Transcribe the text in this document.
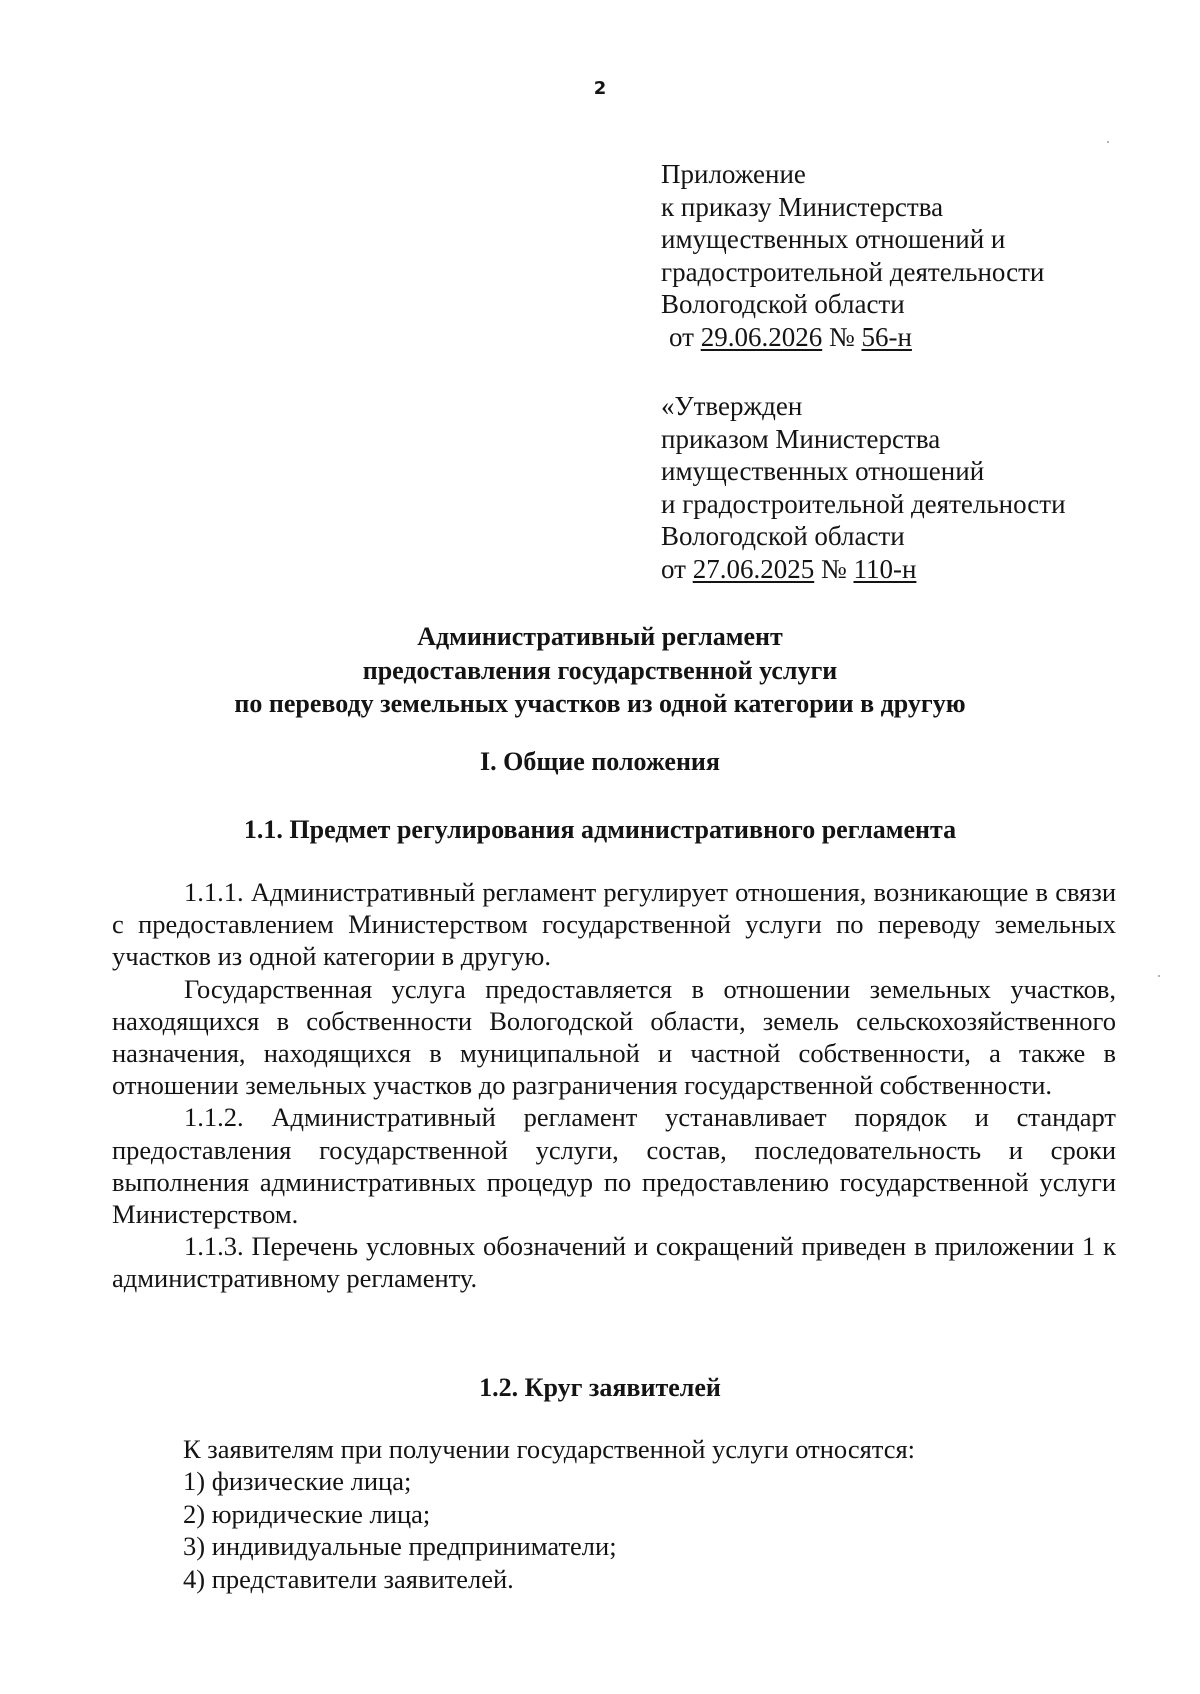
2
Приложение
к приказу Министерства
имущественных отношений и
градостроительной деятельности
Вологодской области
от 29.06.2026 № 56-н
«Утвержден
приказом Министерства
имущественных отношений
и градостроительной деятельности
Вологодской области
от 27.06.2025 № 110-н
Административный регламент
предоставления государственной услуги
по переводу земельных участков из одной категории в другую
I. Общие положения
1.1. Предмет регулирования административного регламента

1.1.1. Административный регламент регулирует отношения, возникающие в связи с предоставлением Министерством государственной услуги по переводу земельных участков из одной категории в другую.

Государственная услуга предоставляется в отношении земельных участков, находящихся в собственности Вологодской области, земель сельскохозяйственного назначения, находящихся в муниципальной и частной собственности, а также в отношении земельных участков до разграничения государственной собственности.

1.1.2. Административный регламент устанавливает порядок и стандарт предоставления государственной услуги, состав, последовательность и сроки выполнения административных процедур по предоставлению государственной услуги Министерством.

1.1.3. Перечень условных обозначений и сокращений приведен в приложении 1 к административному регламенту.

1.2. Круг заявителей
К заявителям при получении государственной услуги относятся:
1) физические лица;
2) юридические лица;
3) индивидуальные предприниматели;
4) представители заявителей.
